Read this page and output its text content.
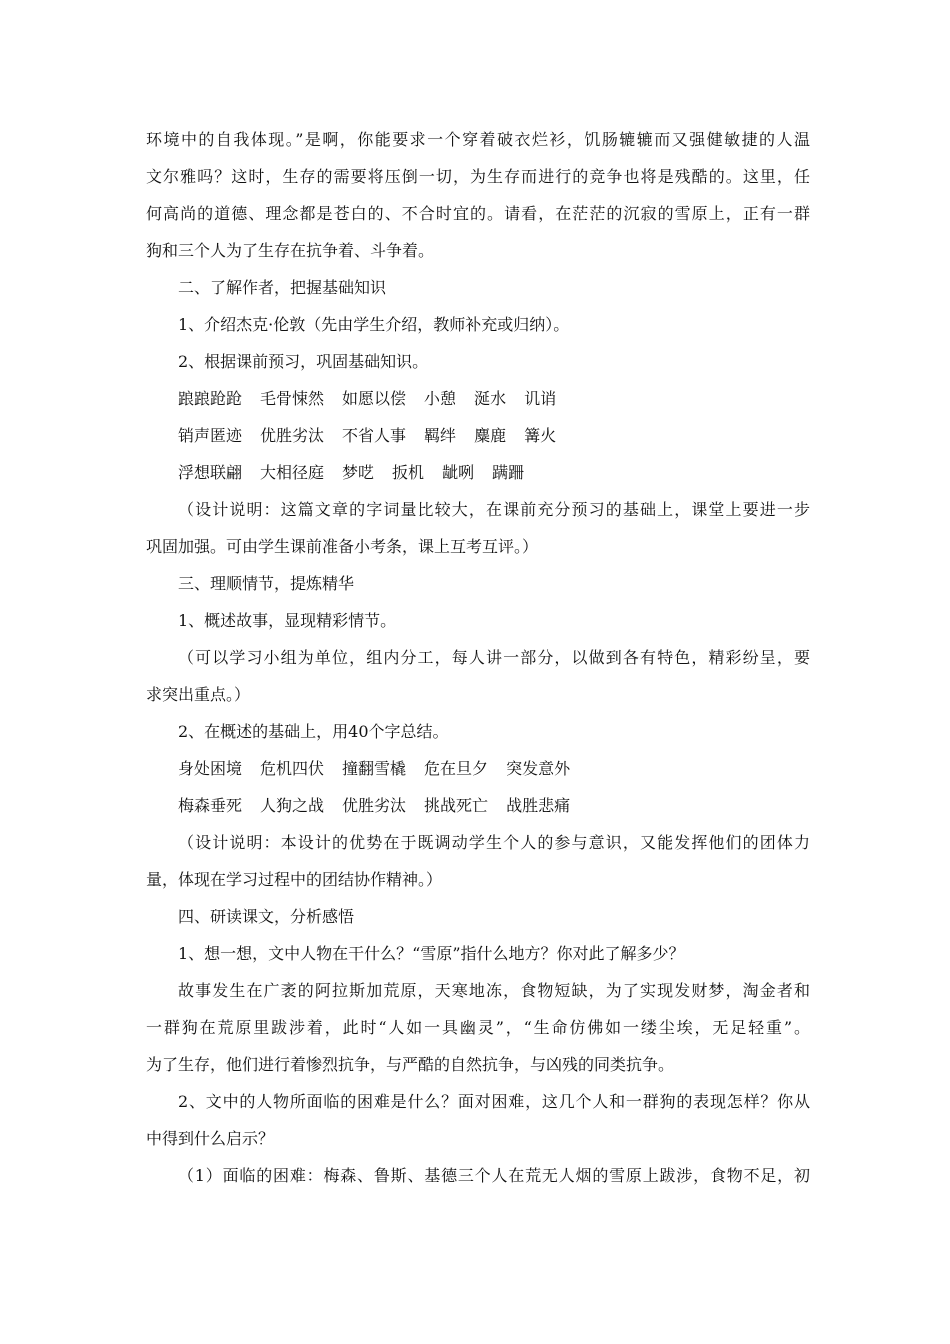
环境中的自我体现。”是啊，你能要求一个穿着破衣烂衫，饥肠辘辘而又强健敏捷的人温
文尔雅吗？这时，生存的需要将压倒一切，为生存而进行的竞争也将是残酷的。这里，任
何高尚的道德、理念都是苍白的、不合时宜的。请看，在茫茫的沉寂的雪原上，正有一群
狗和三个人为了生存在抗争着、斗争着。
二、了解作者，把握基础知识
1、介绍杰克·伦敦（先由学生介绍，教师补充或归纳）。
2、根据课前预习，巩固基础知识。
踉踉跄跄 毛骨悚然 如愿以偿 小憩 涎水 讥诮
销声匿迹 优胜劣汰 不省人事 羁绊 麋鹿 篝火
浮想联翩 大相径庭 梦呓 扳机 龇咧 蹒跚
（设计说明：这篇文章的字词量比较大，在课前充分预习的基础上，课堂上要进一步
巩固加强。可由学生课前准备小考条，课上互考互评。）
三、理顺情节，提炼精华
1、概述故事，显现精彩情节。
（可以学习小组为单位，组内分工，每人讲一部分，以做到各有特色，精彩纷呈，要
求突出重点。）
2、在概述的基础上，用40个字总结。
身处困境 危机四伏 撞翻雪橇 危在旦夕 突发意外
梅森垂死 人狗之战 优胜劣汰 挑战死亡 战胜悲痛
（设计说明：本设计的优势在于既调动学生个人的参与意识，又能发挥他们的团体力
量，体现在学习过程中的团结协作精神。）
四、研读课文，分析感悟
1、想一想，文中人物在干什么？“雪原”指什么地方？你对此了解多少？
故事发生在广袤的阿拉斯加荒原，天寒地冻，食物短缺，为了实现发财梦，淘金者和
一群狗在荒原里跋涉着，此时“人如一具幽灵”，“生命仿佛如一缕尘埃，无足轻重”。
为了生存，他们进行着惨烈抗争，与严酷的自然抗争，与凶残的同类抗争。
2、文中的人物所面临的困难是什么？面对困难，这几个人和一群狗的表现怎样？你从
中得到什么启示？
（1）面临的困难：梅森、鲁斯、基德三个人在荒无人烟的雪原上跋涉，食物不足，初
